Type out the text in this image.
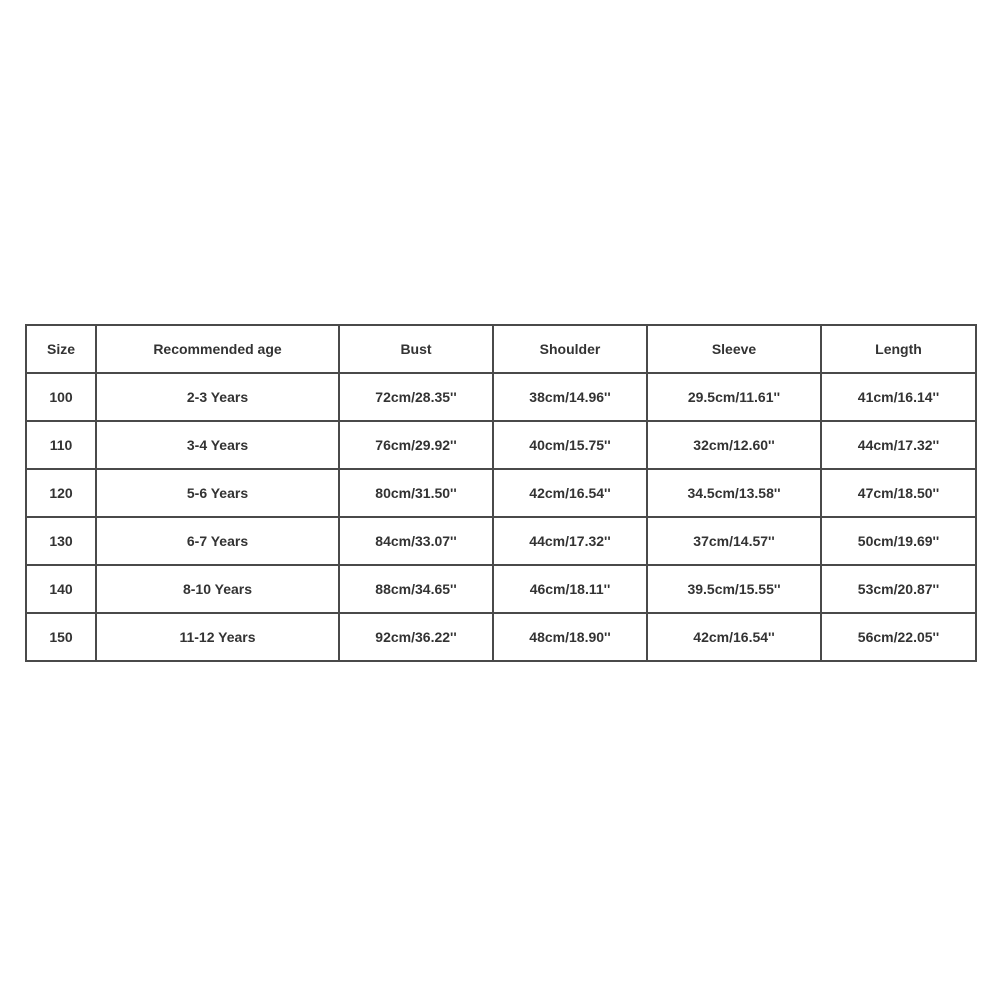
Size	Recommended age	Bust	Shoulder	Sleeve	Length
100	2-3 Years	72cm/28.35''	38cm/14.96''	29.5cm/11.61''	41cm/16.14''
110	3-4 Years	76cm/29.92''	40cm/15.75''	32cm/12.60''	44cm/17.32''
120	5-6 Years	80cm/31.50''	42cm/16.54''	34.5cm/13.58''	47cm/18.50''
130	6-7 Years	84cm/33.07''	44cm/17.32''	37cm/14.57''	50cm/19.69''
140	8-10 Years	88cm/34.65''	46cm/18.11''	39.5cm/15.55''	53cm/20.87''
150	11-12 Years	92cm/36.22''	48cm/18.90''	42cm/16.54''	56cm/22.05''
